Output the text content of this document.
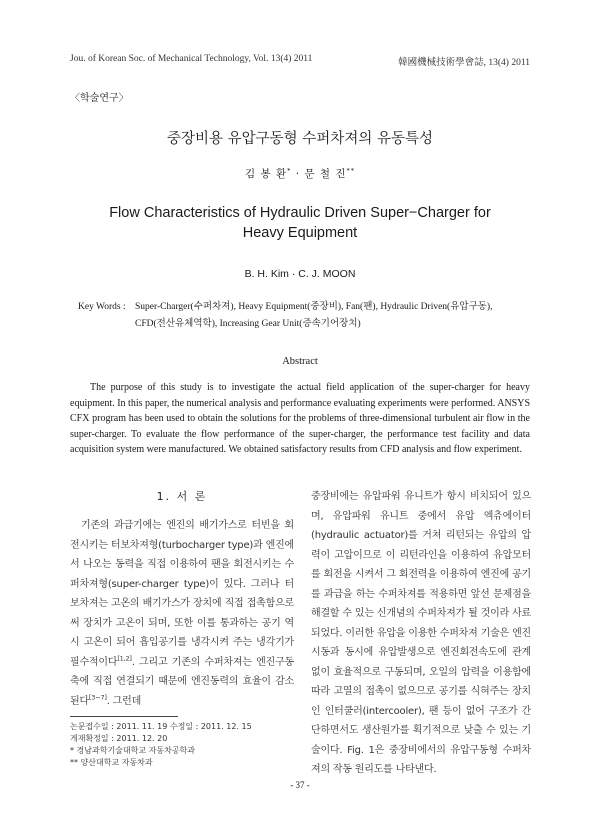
Jou. of Korean Soc. of Mechanical Technology, Vol. 13(4) 2011	韓國機械技術學會誌, 13(4) 2011
〈학술연구〉
중장비용 유압구동형 수퍼차져의 유동특성
김 봉 환* · 문 철 진**
Flow Characteristics of Hydraulic Driven Super−Charger for
Heavy Equipment
B. H. Kim · C. J. MOON
Key Words : Super-Charger(수퍼차져), Heavy Equipment(중장비), Fan(팬), Hydraulic Driven(유압구동),
CFD(전산유체역학), Increasing Gear Unit(증속기어장치)
Abstract

The purpose of this study is to investigate the actual field application of the super-charger for heavy equipment. In this paper, the numerical analysis and performance evaluating experiments were performed. ANSYS CFX program has been used to obtain the solutions for the problems of three-dimensional turbulent air flow in the super-charger. To evaluate the flow performance of the super-charger, the performance test facility and data acquisition system were manufactured. We obtained satisfactory results from CFD analysis and flow experiment.

1. 서 론

기존의 과급기에는 엔진의 배기가스로 터빈을 회전시키는 터보차져형(turbocharger type)과 엔진에서 나오는 동력을 직접 이용하여 팬을 회전시키는 수퍼차져형(super-charger type)이 있다. 그러나 터보차져는 고온의 배기가스가 장치에 직접 접촉함으로써 장치가 고온이 되며, 또한 이를 통과하는 공기 역시 고온이 되어 흡입공기를 냉각시켜 주는 냉각기가 필수적이다[1,2]. 그리고 기존의 수퍼차져는 엔진구동축에 직접 연결되기 때문에 엔진동력의 효율이 감소된다[3~7]. 그런데

중장비에는 유압파워 유니트가 항시 비치되어 있으며, 유압파워 유니트 중에서 유압 엑츄에이터(hydraulic actuator)를 거쳐 리턴되는 유압의 압력이 고압이므로 이 리턴라인을 이용하여 유압모터를 회전을 시켜서 그 회전력을 이용하여 엔진에 공기를 과급을 하는 수퍼차져를 적용하면 앞선 문제점을 해결할 수 있는 신개념의 수퍼차져가 될 것이라 사료되었다. 이러한 유압을 이용한 수퍼차져 기술은 엔진시동과 동시에 유압발생으로 엔진회전속도에 관계없이 효율적으로 구동되며, 오일의 압력을 이용함에 따라 고열의 접촉이 없으므로 공기를 식혀주는 장치인 인터쿨러(intercooler), 팬 등이 없어 구조가 간단하면서도 생산원가를 획기적으로 낮출 수 있는 기술이다. Fig. 1은 중장비에서의 유압구동형 수퍼차져의 작동 원리도를 나타낸다.

논문접수일 : 2011. 11. 19 수정일 : 2011. 12. 15
게재확정일 : 2011. 12. 20
* 경남과학기술대학교 자동차공학과
** 양산대학교 자동차과
- 37 -
